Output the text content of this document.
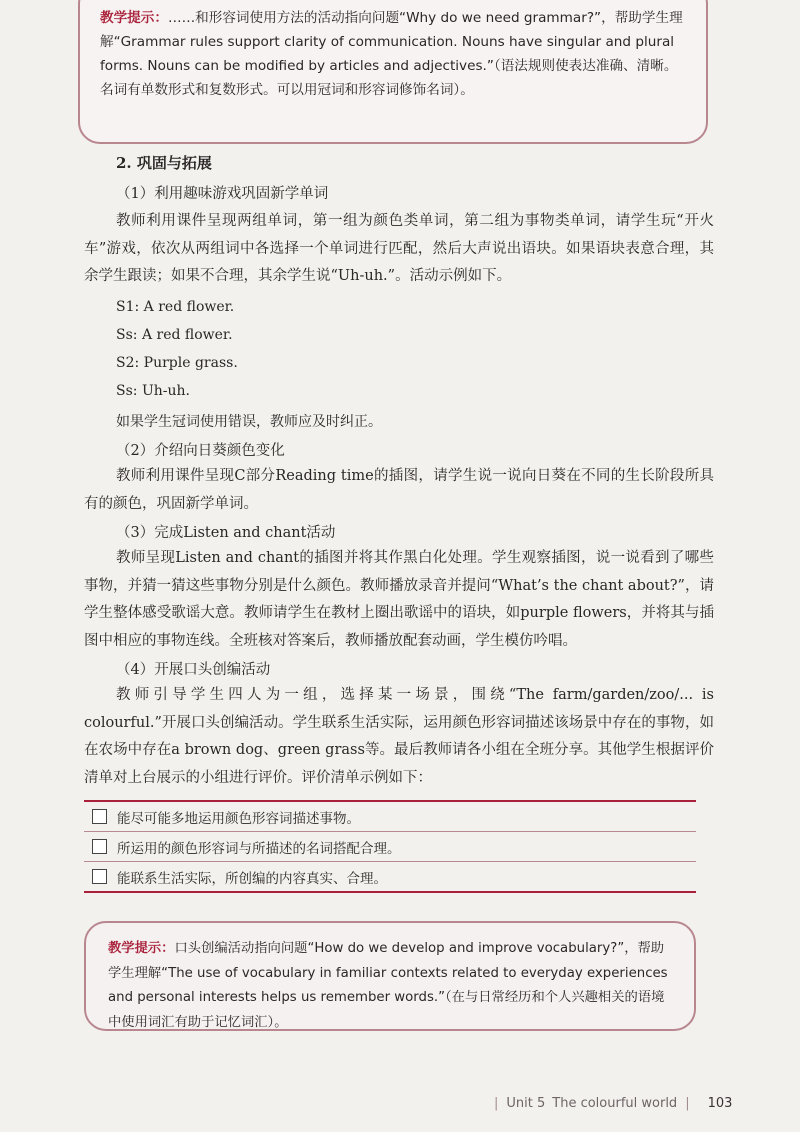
教学提示：……和形容词使用方法的活动指向问题“Why do we need grammar?”，帮助学生理解“Grammar rules support clarity of communication. Nouns have singular and plural forms. Nouns can be modified by articles and adjectives.”（语法规则使表达准确、清晰。名词有单数形式和复数形式。可以用冠词和形容词修饰名词）。
2. 巩固与拓展
（1）利用趣味游戏巩固新学单词

教师利用课件呈现两组单词，第一组为颜色类单词，第二组为事物类单词，请学生玩“开火车”游戏，依次从两组词中各选择一个单词进行匹配，然后大声说出语块。如果语块表意合理，其余学生跟读；如果不合理，其余学生说“Uh-uh.”。活动示例如下。

S1: A red flower.
Ss: A red flower.
S2: Purple grass.
Ss: Uh-uh.
如果学生冠词使用错误，教师应及时纠正。
（2）介绍向日葵颜色变化

教师利用课件呈现C部分Reading time的插图，请学生说一说向日葵在不同的生长阶段所具有的颜色，巩固新学单词。

（3）完成Listen and chant活动

教师呈现Listen and chant的插图并将其作黑白化处理。学生观察插图，说一说看到了哪些事物，并猜一猜这些事物分别是什么颜色。教师播放录音并提问“What’s the chant about?”，请学生整体感受歌谣大意。教师请学生在教材上圈出歌谣中的语块，如purple flowers，并将其与插图中相应的事物连线。全班核对答案后，教师播放配套动画，学生模仿吟唱。

（4）开展口头创编活动

教师引导学生四人为一组，选择某一场景，围绕“The farm/garden/zoo/... is colourful.”开展口头创编活动。学生联系生活实际，运用颜色形容词描述该场景中存在的事物，如在农场中存在a brown dog、green grass等。最后教师请各小组在全班分享。其他学生根据评价清单对上台展示的小组进行评价。评价清单示例如下：

能尽可能多地运用颜色形容词描述事物。
所运用的颜色形容词与所描述的名词搭配合理。
能联系生活实际，所创编的内容真实、合理。
教学提示：口头创编活动指向问题“How do we develop and improve vocabulary?”，帮助学生理解“The use of vocabulary in familiar contexts related to everyday experiences and personal interests helps us remember words.”（在与日常经历和个人兴趣相关的语境中使用词汇有助于记忆词汇）。
| Unit 5 The colourful world | 103
